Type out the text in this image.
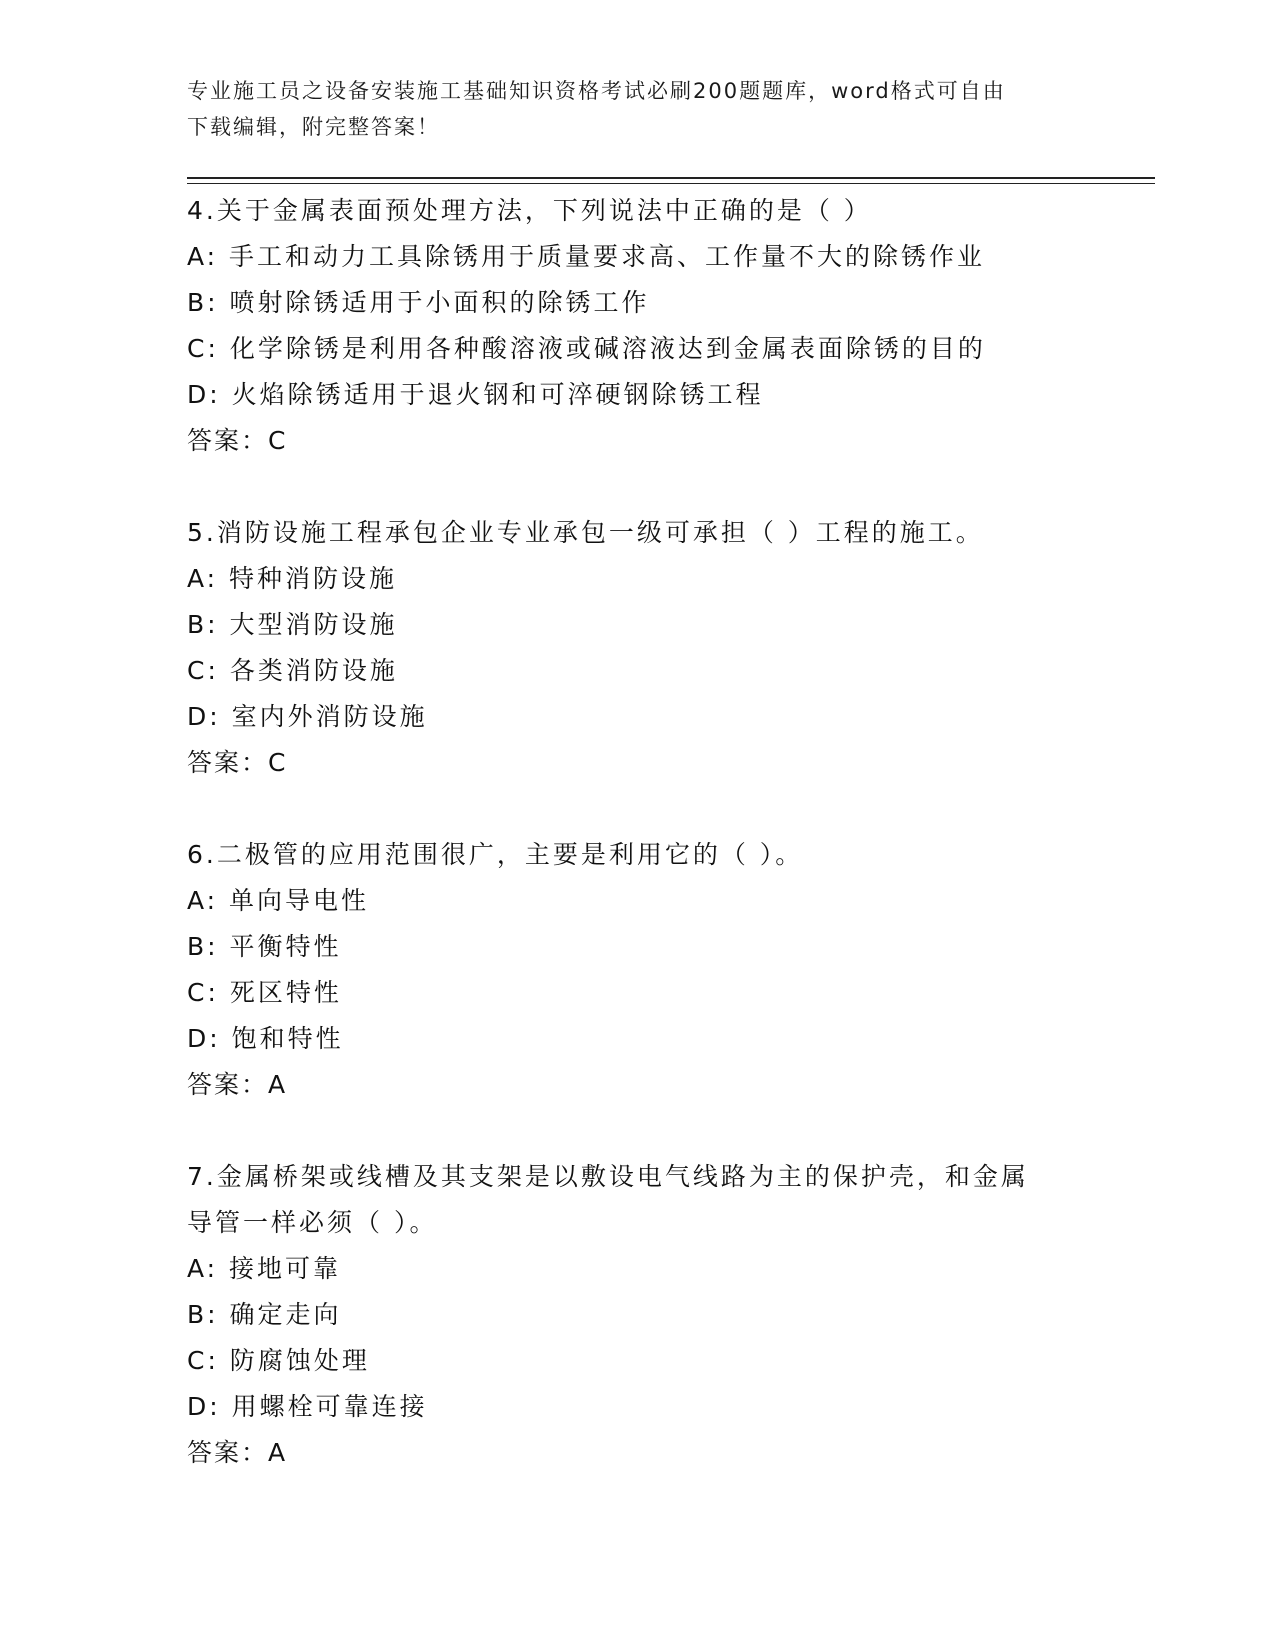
专业施工员之设备安装施工基础知识资格考试必刷200题题库，word格式可自由
下载编辑，附完整答案！

4.关于金属表面预处理方法，下列说法中正确的是（ ）

A: 手工和动力工具除锈用于质量要求高、工作量不大的除锈作业

B: 喷射除锈适用于小面积的除锈工作

C: 化学除锈是利用各种酸溶液或碱溶液达到金属表面除锈的目的

D: 火焰除锈适用于退火钢和可淬硬钢除锈工程

答案：C

5.消防设施工程承包企业专业承包一级可承担（ ）工程的施工。

A: 特种消防设施

B: 大型消防设施

C: 各类消防设施

D: 室内外消防设施

答案：C

6.二极管的应用范围很广，主要是利用它的（ ）。

A: 单向导电性

B: 平衡特性

C: 死区特性

D: 饱和特性

答案：A

7.金属桥架或线槽及其支架是以敷设电气线路为主的保护壳，和金属

导管一样必须（ ）。

A: 接地可靠

B: 确定走向

C: 防腐蚀处理

D: 用螺栓可靠连接

答案：A
